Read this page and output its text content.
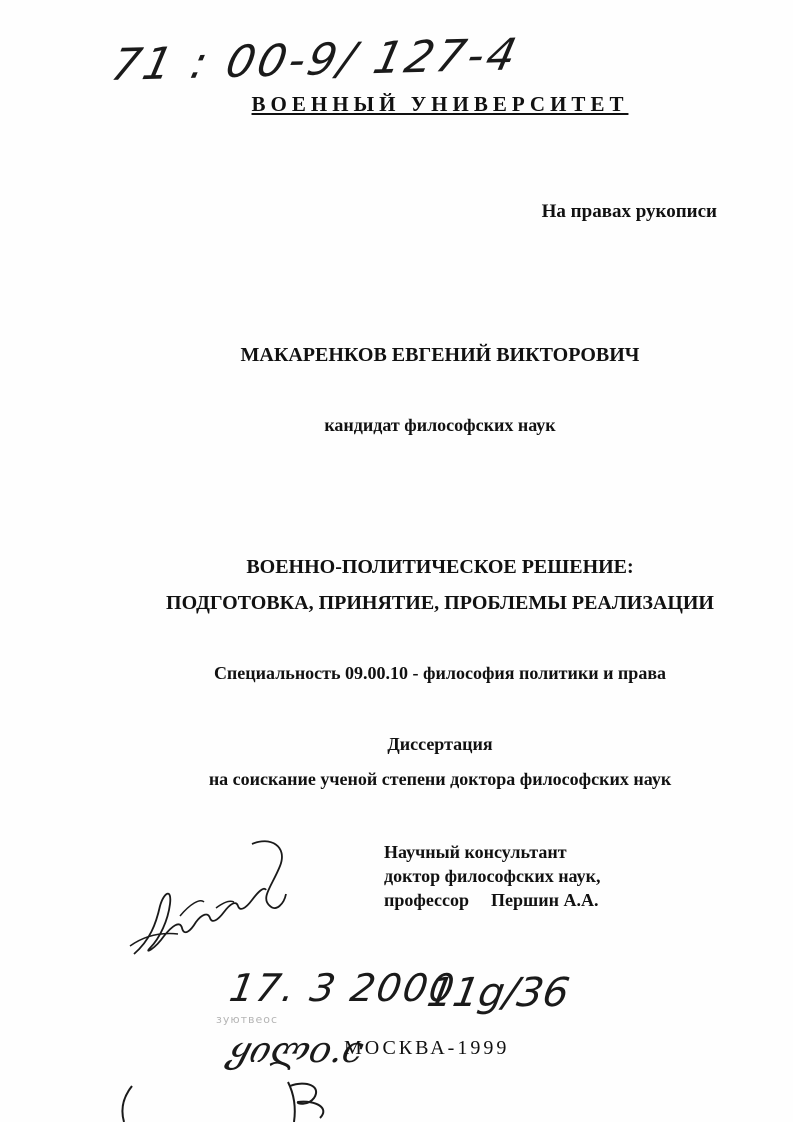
71 : 00-9/ 127-4
ВОЕННЫЙ УНИВЕРСИТЕТ
На правах рукописи
МАКАРЕНКОВ ЕВГЕНИЙ ВИКТОРОВИЧ
кандидат философских наук
ВОЕННО-ПОЛИТИЧЕСКОЕ РЕШЕНИЕ:
ПОДГОТОВКА, ПРИНЯТИЕ, ПРОБЛЕМЫ РЕАЛИЗАЦИИ
Специальность 09.00.10 - философия политики и права
Диссертация
на соискание ученой степени доктора философских наук
Научный консультант
доктор философских наук,
профессор Першин А.А.
17. 3 2000
11g/36
зуютвеос
ყილо.с
МОСКВА-1999
